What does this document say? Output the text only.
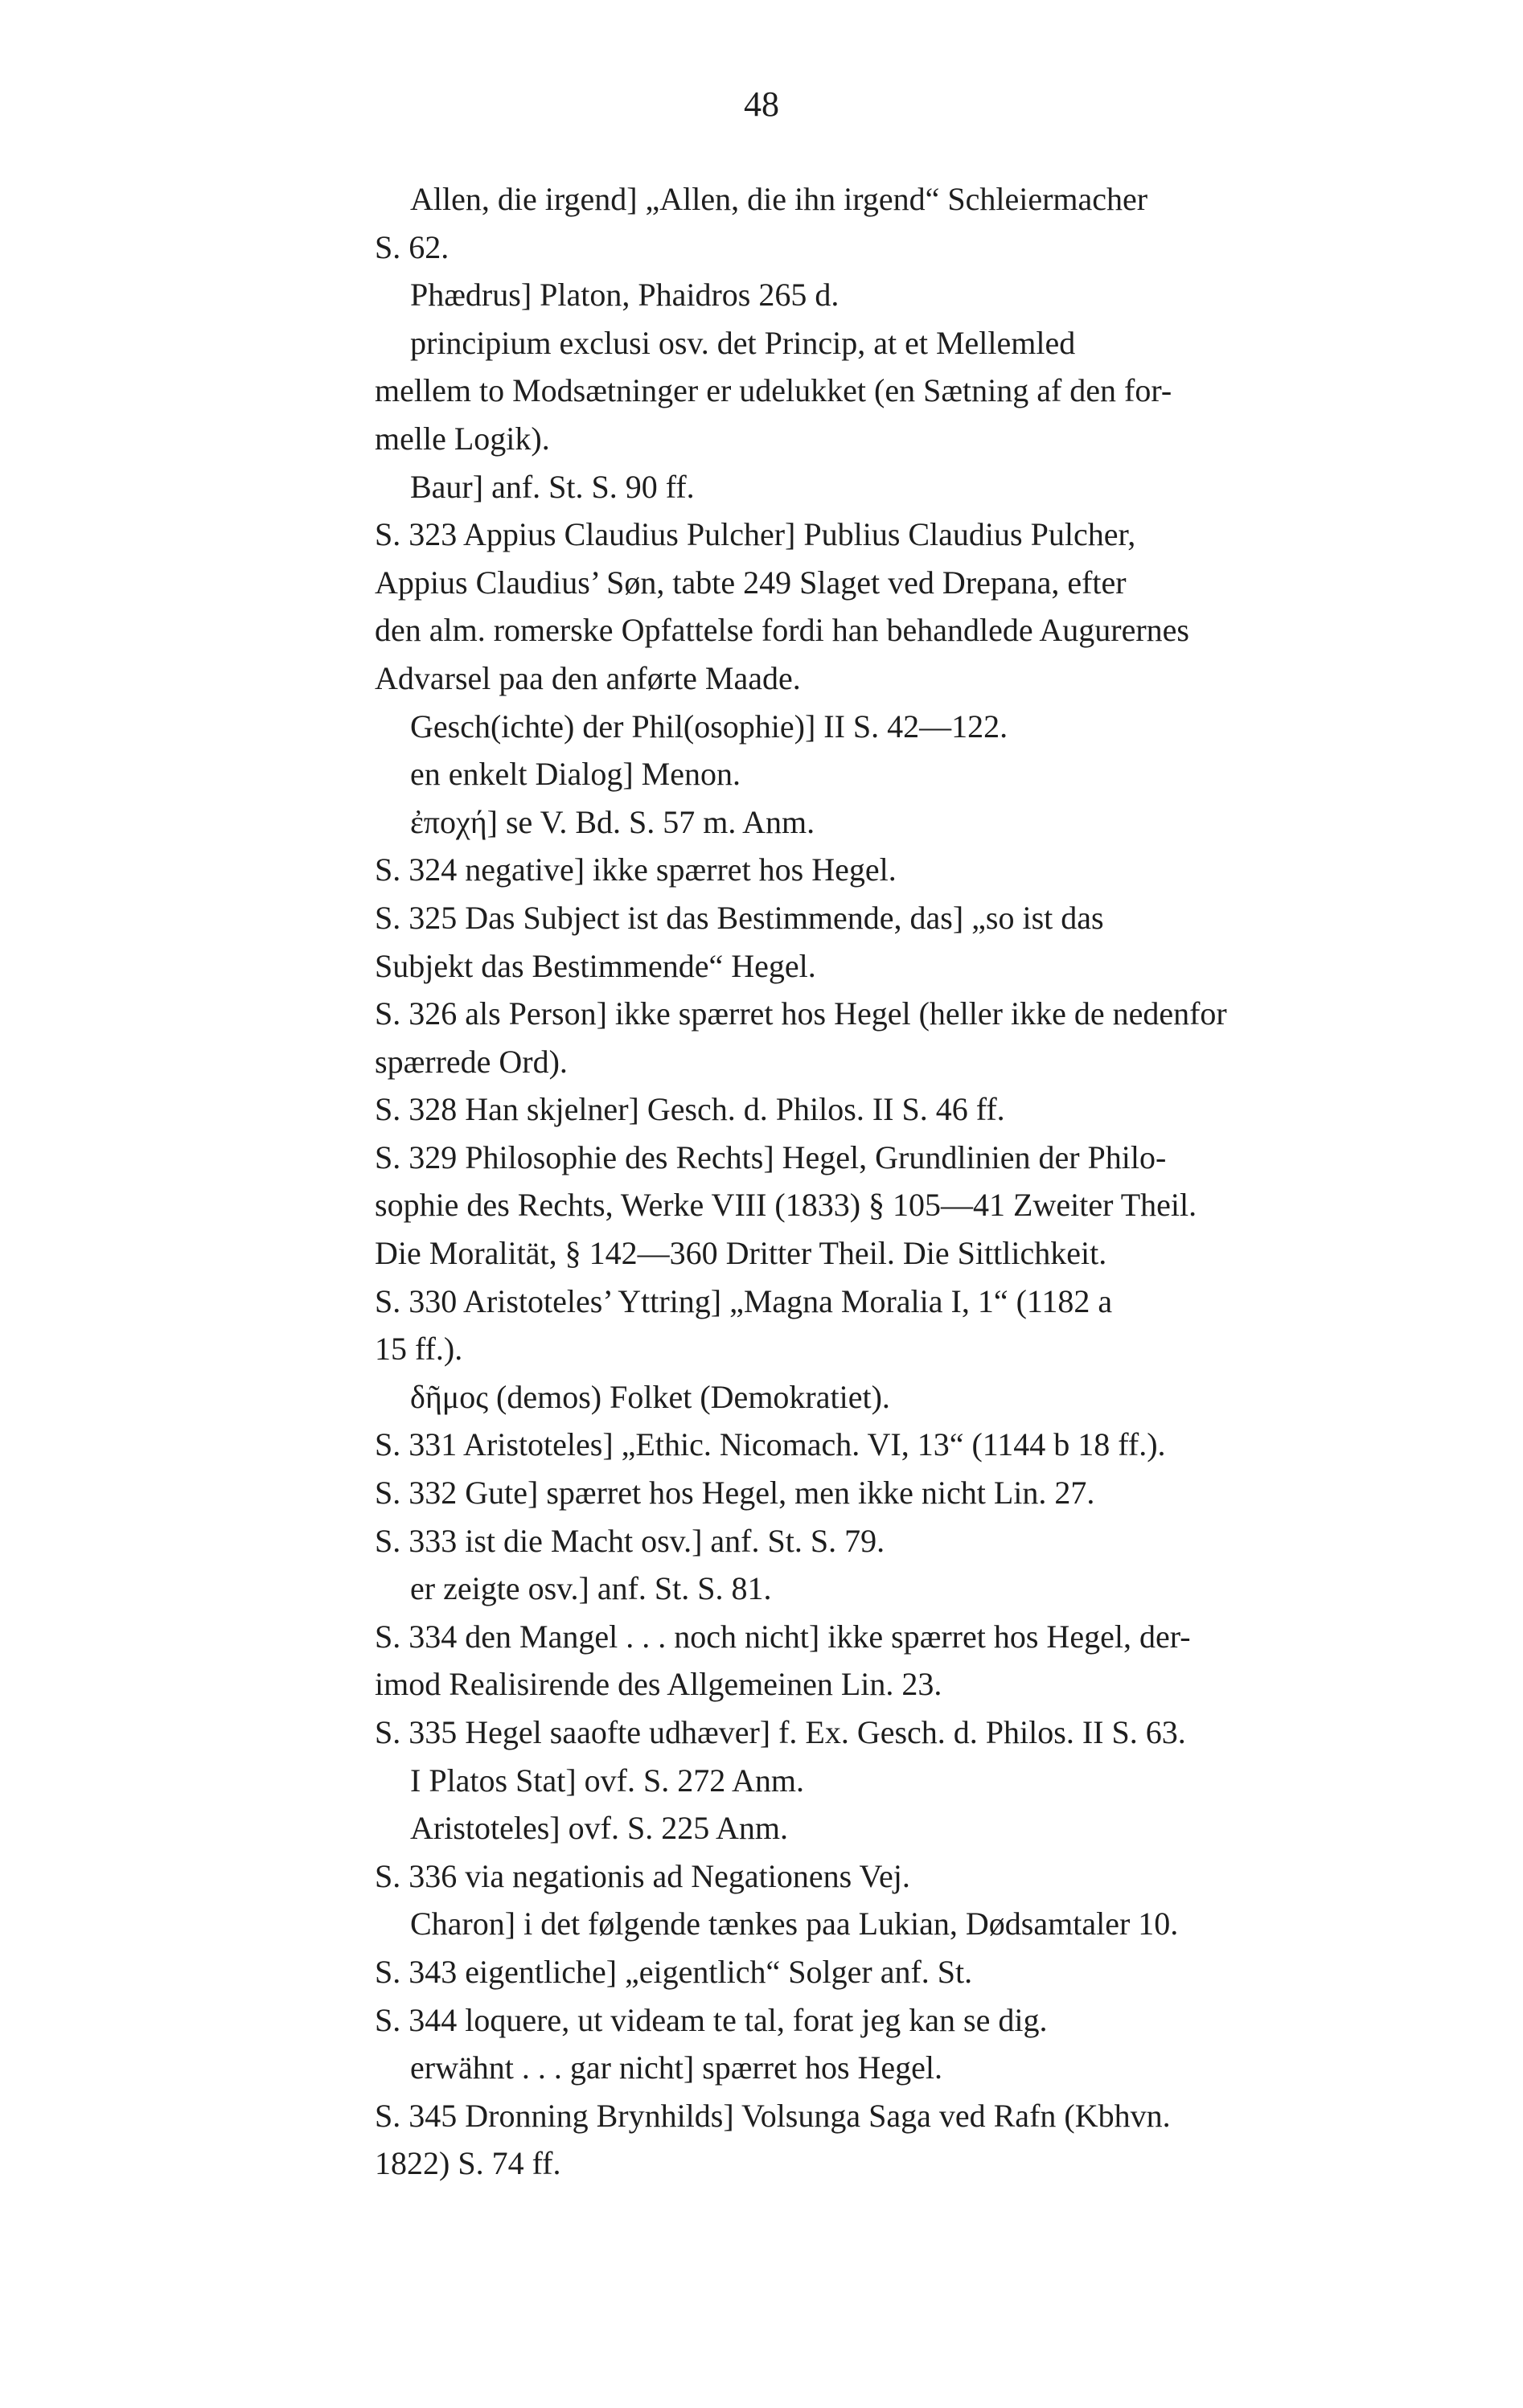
48
Allen, die irgend] „Allen, die ihn irgend“ Schleiermacher
S. 62.
Phædrus] Platon, Phaidros 265 d.
principium exclusi osv. det Princip, at et Mellemled
mellem to Modsætninger er udelukket (en Sætning af den for-
melle Logik).
Baur] anf. St. S. 90 ff.
S. 323 Appius Claudius Pulcher] Publius Claudius Pulcher,
Appius Claudius’ Søn, tabte 249 Slaget ved Drepana, efter
den alm. romerske Opfattelse fordi han behandlede Augurernes
Advarsel paa den anførte Maade.
Gesch(ichte) der Phil(osophie)] II S. 42—122.
en enkelt Dialog] Menon.
ἐποχή] se V. Bd. S. 57 m. Anm.
S. 324 negative] ikke spærret hos Hegel.
S. 325 Das Subject ist das Bestimmende, das] „so ist das
Subjekt das Bestimmende“ Hegel.
S. 326 als Person] ikke spærret hos Hegel (heller ikke de nedenfor
spærrede Ord).
S. 328 Han skjelner] Gesch. d. Philos. II S. 46 ff.
S. 329 Philosophie des Rechts] Hegel, Grundlinien der Philo-
sophie des Rechts, Werke VIII (1833) § 105—41 Zweiter Theil.
Die Moralität, § 142—360 Dritter Theil. Die Sittlichkeit.
S. 330 Aristoteles’ Yttring] „Magna Moralia I, 1“ (1182 a
15 ff.).
δῆμος (demos) Folket (Demokratiet).
S. 331 Aristoteles] „Ethic. Nicomach. VI, 13“ (1144 b 18 ff.).
S. 332 Gute] spærret hos Hegel, men ikke nicht Lin. 27.
S. 333 ist die Macht osv.] anf. St. S. 79.
er zeigte osv.] anf. St. S. 81.
S. 334 den Mangel . . . noch nicht] ikke spærret hos Hegel, der-
imod Realisirende des Allgemeinen Lin. 23.
S. 335 Hegel saaofte udhæver] f. Ex. Gesch. d. Philos. II S. 63.
I Platos Stat] ovf. S. 272 Anm.
Aristoteles] ovf. S. 225 Anm.
S. 336 via negationis ad Negationens Vej.
Charon] i det følgende tænkes paa Lukian, Dødsamtaler 10.
S. 343 eigentliche] „eigentlich“ Solger anf. St.
S. 344 loquere, ut videam te tal, forat jeg kan se dig.
erwähnt . . . gar nicht] spærret hos Hegel.
S. 345 Dronning Brynhilds] Volsunga Saga ved Rafn (Kbhvn.
1822) S. 74 ff.
